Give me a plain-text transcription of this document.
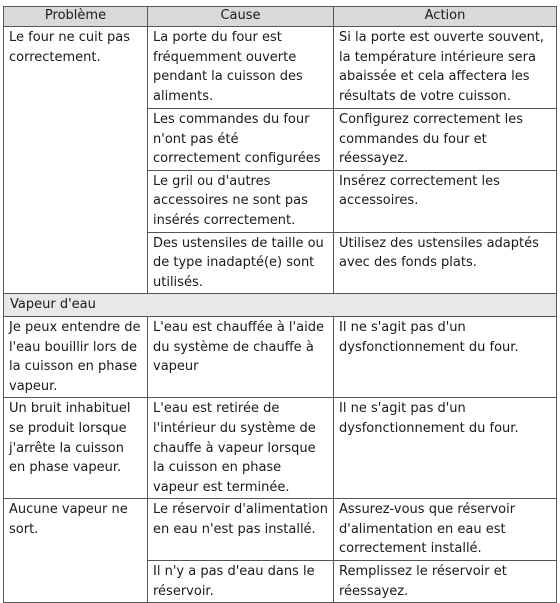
Problème	Cause	Action
Le four ne cuit pas correctement.	La porte du four est fréquemment ouverte pendant la cuisson des aliments.	Si la porte est ouverte souvent, la température intérieure sera abaissée et cela affectera les résultats de votre cuisson.
	Les commandes du four n'ont pas été correctement configurées	Configurez correctement les commandes du four et réessayez.
	Le gril ou d'autres accessoires ne sont pas insérés correctement.	Insérez correctement les accessoires.
	Des ustensiles de taille ou de type inadapté(e) sont utilisés.	Utilisez des ustensiles adaptés avec des fonds plats.
Vapeur d'eau		
Je peux entendre de l'eau bouillir lors de la cuisson en phase vapeur.	L'eau est chauffée à l'aide du système de chauffe à vapeur	Il ne s'agit pas d'un dysfonctionnement du four.
Un bruit inhabituel se produit lorsque j'arrête la cuisson en phase vapeur.	L'eau est retirée de l'intérieur du système de chauffe à vapeur lorsque la cuisson en phase vapeur est terminée.	Il ne s'agit pas d'un dysfonctionnement du four.
Aucune vapeur ne sort.	Le réservoir d'alimentation en eau n'est pas installé.	Assurez-vous que réservoir d'alimentation en eau est correctement installé.
	Il n'y a pas d'eau dans le réservoir.	Remplissez le réservoir et réessayez.
